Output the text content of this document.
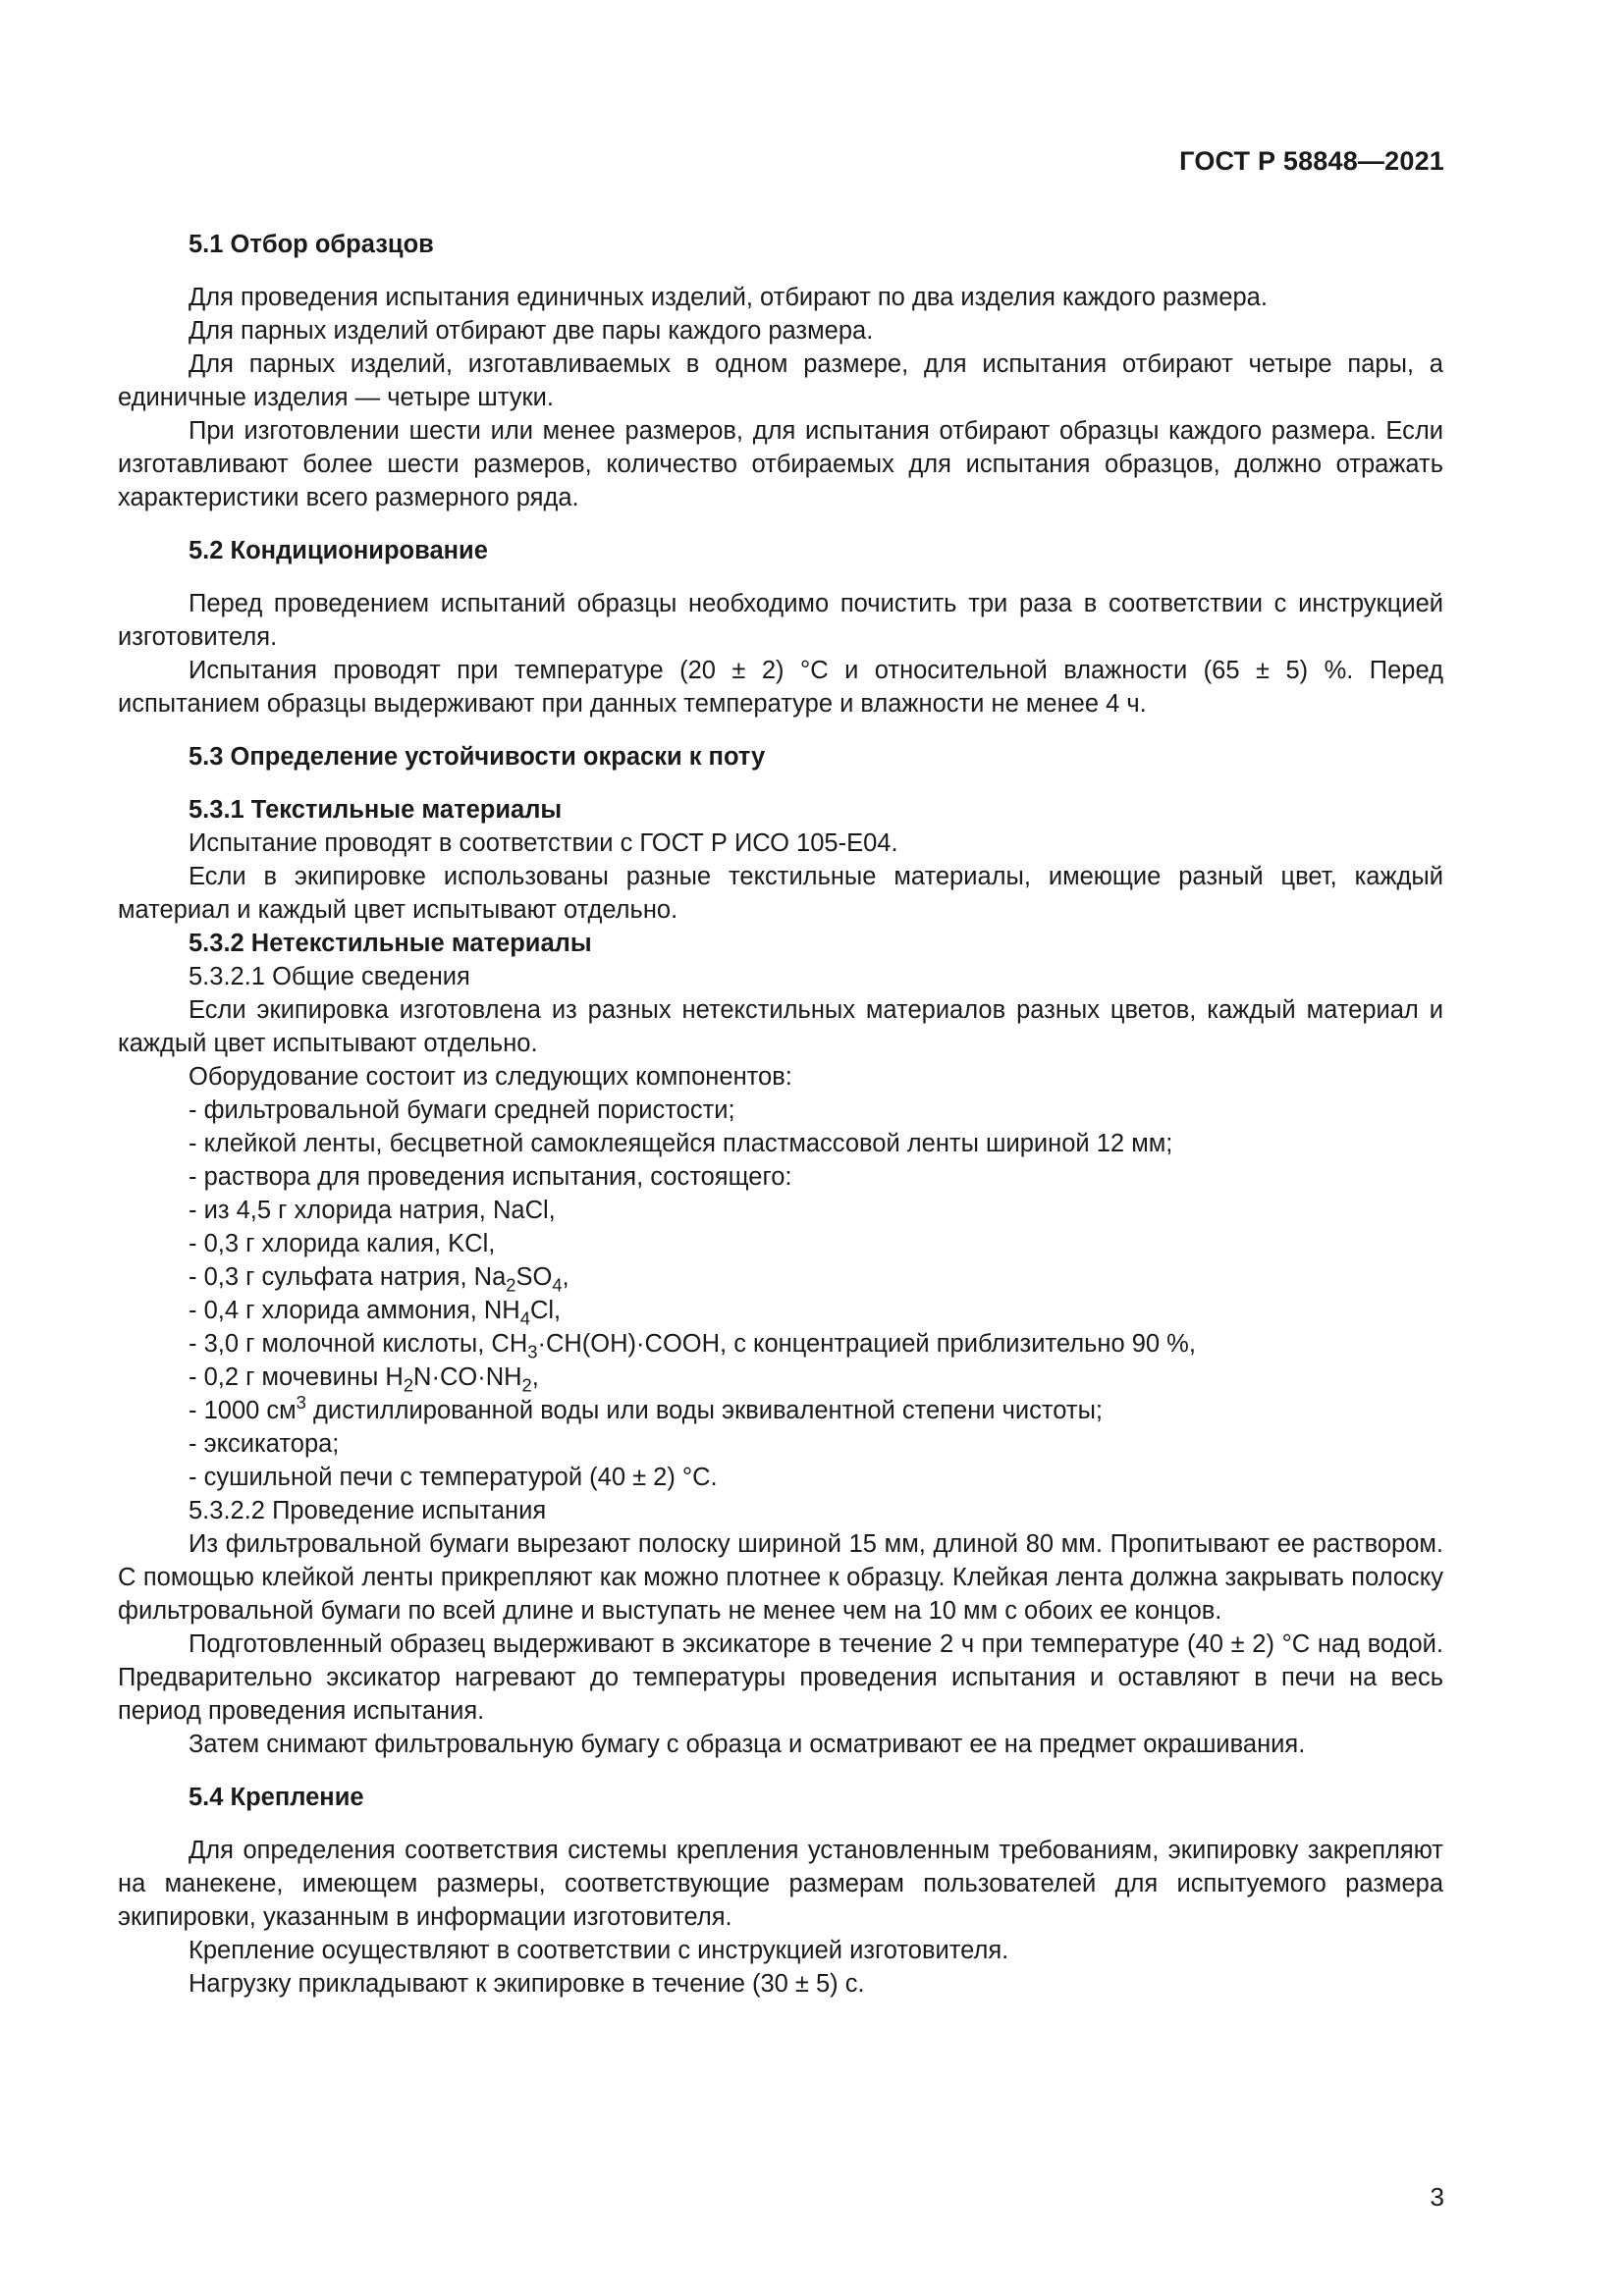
ГОСТ Р 58848—2021

5.1 Отбор образцов

Для проведения испытания единичных изделий, отбирают по два изделия каждого размера.

Для парных изделий отбирают две пары каждого размера.

Для парных изделий, изготавливаемых в одном размере, для испытания отбирают четыре пары, а единичные изделия — четыре штуки.

При изготовлении шести или менее размеров, для испытания отбирают образцы каждого размера. Если изготавливают более шести размеров, количество отбираемых для испытания образцов, должно отражать характеристики всего размерного ряда.

5.2 Кондиционирование

Перед проведением испытаний образцы необходимо почистить три раза в соответствии с инструкцией изготовителя.

Испытания проводят при температуре (20 ± 2) °С и относительной влажности (65 ± 5) %. Перед испытанием образцы выдерживают при данных температуре и влажности не менее 4 ч.

5.3 Определение устойчивости окраски к поту

5.3.1 Текстильные материалы

Испытание проводят в соответствии с ГОСТ Р ИСО 105-Е04.

Если в экипировке использованы разные текстильные материалы, имеющие разный цвет, каждый материал и каждый цвет испытывают отдельно.

5.3.2 Нетекстильные материалы

5.3.2.1 Общие сведения

Если экипировка изготовлена из разных нетекстильных материалов разных цветов, каждый материал и каждый цвет испытывают отдельно.

Оборудование состоит из следующих компонентов:

- фильтровальной бумаги средней пористости;

- клейкой ленты, бесцветной самоклеящейся пластмассовой ленты шириной 12 мм;

- раствора для проведения испытания, состоящего:

- из 4,5 г хлорида натрия, NaCl,

- 0,3 г хлорида калия, KCl,

- 0,3 г сульфата натрия, $Na_2SO_4$,

- 0,4 г хлорида аммония, $NH_4Cl$,

- 3,0 г молочной кислоты, $CH_3\cdot CH(OH)\cdot COOH$, с концентрацией приблизительно 90 %,

- 0,2 г мочевины $H_2N\cdot CO\cdot NH_2$,

- 1000 $см^3$ дистиллированной воды или воды эквивалентной степени чистоты;

- эксикатора;

- сушильной печи с температурой (40 ± 2) °С.

5.3.2.2 Проведение испытания

Из фильтровальной бумаги вырезают полоску шириной 15 мм, длиной 80 мм. Пропитывают ее раствором. С помощью клейкой ленты прикрепляют как можно плотнее к образцу. Клейкая лента должна закрывать полоску фильтровальной бумаги по всей длине и выступать не менее чем на 10 мм с обоих ее концов.

Подготовленный образец выдерживают в эксикаторе в течение 2 ч при температуре (40 ± 2) °С над водой. Предварительно эксикатор нагревают до температуры проведения испытания и оставляют в печи на весь период проведения испытания.

Затем снимают фильтровальную бумагу с образца и осматривают ее на предмет окрашивания.

5.4 Крепление

Для определения соответствия системы крепления установленным требованиям, экипировку закрепляют на манекене, имеющем размеры, соответствующие размерам пользователей для испытуемого размера экипировки, указанным в информации изготовителя.

Крепление осуществляют в соответствии с инструкцией изготовителя.

Нагрузку прикладывают к экипировке в течение (30 ± 5) с.

3
